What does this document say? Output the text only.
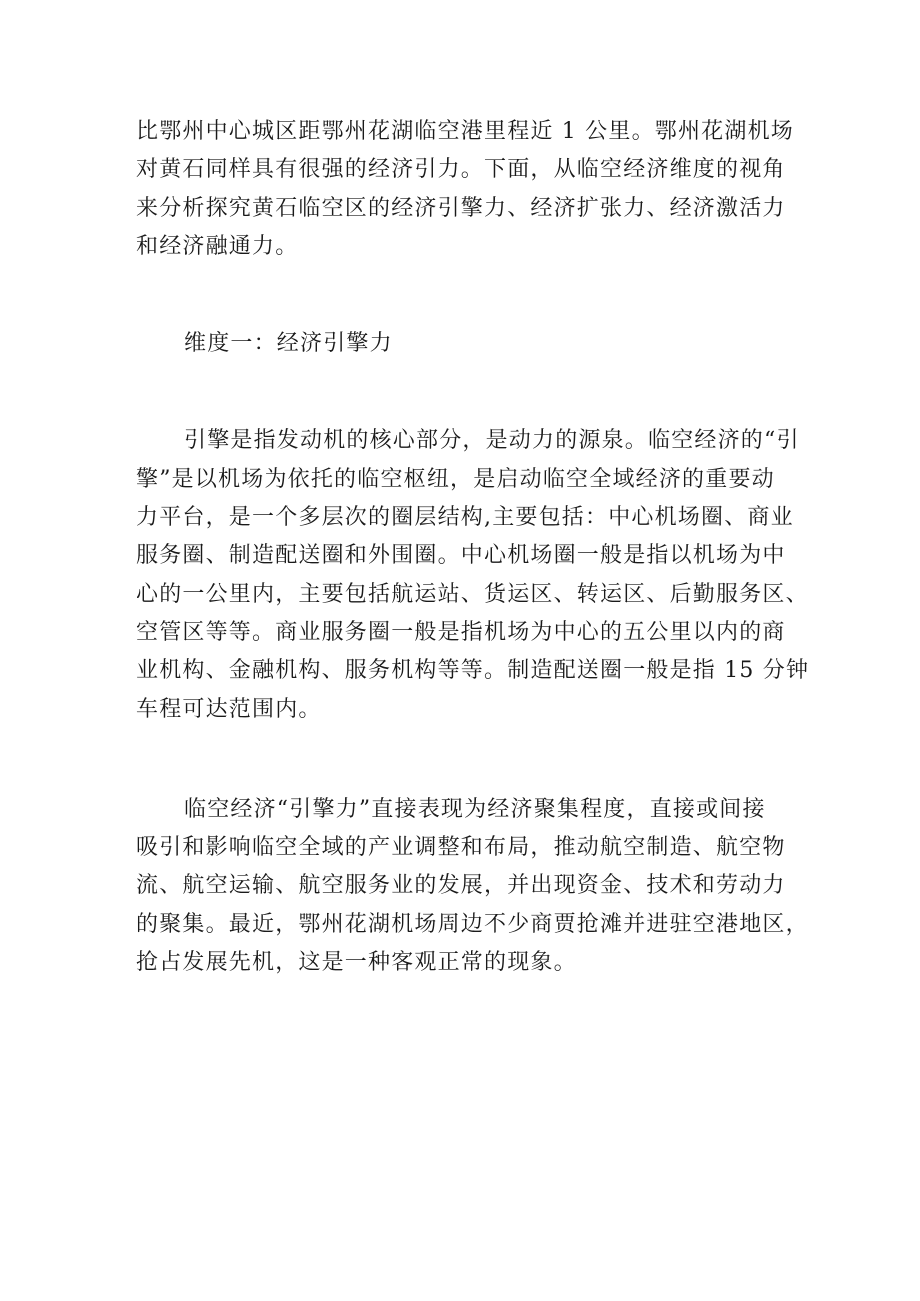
比鄂州中心城区距鄂州花湖临空港里程近 1 公里。鄂州花湖机场
对黄石同样具有很强的经济引力。下面，从临空经济维度的视角
来分析探究黄石临空区的经济引擎力、经济扩张力、经济激活力
和经济融通力。
维度一：经济引擎力
引擎是指发动机的核心部分，是动力的源泉。临空经济的“引
擎”是以机场为依托的临空枢纽，是启动临空全域经济的重要动
力平台，是一个多层次的圈层结构,主要包括：中心机场圈、商业
服务圈、制造配送圈和外围圈。中心机场圈一般是指以机场为中
心的一公里内，主要包括航运站、货运区、转运区、后勤服务区、
空管区等等。商业服务圈一般是指机场为中心的五公里以内的商
业机构、金融机构、服务机构等等。制造配送圈一般是指 15 分钟
车程可达范围内。
临空经济“引擎力”直接表现为经济聚集程度，直接或间接
吸引和影响临空全域的产业调整和布局，推动航空制造、航空物
流、航空运输、航空服务业的发展，并出现资金、技术和劳动力
的聚集。最近，鄂州花湖机场周边不少商贾抢滩并进驻空港地区，
抢占发展先机，这是一种客观正常的现象。
